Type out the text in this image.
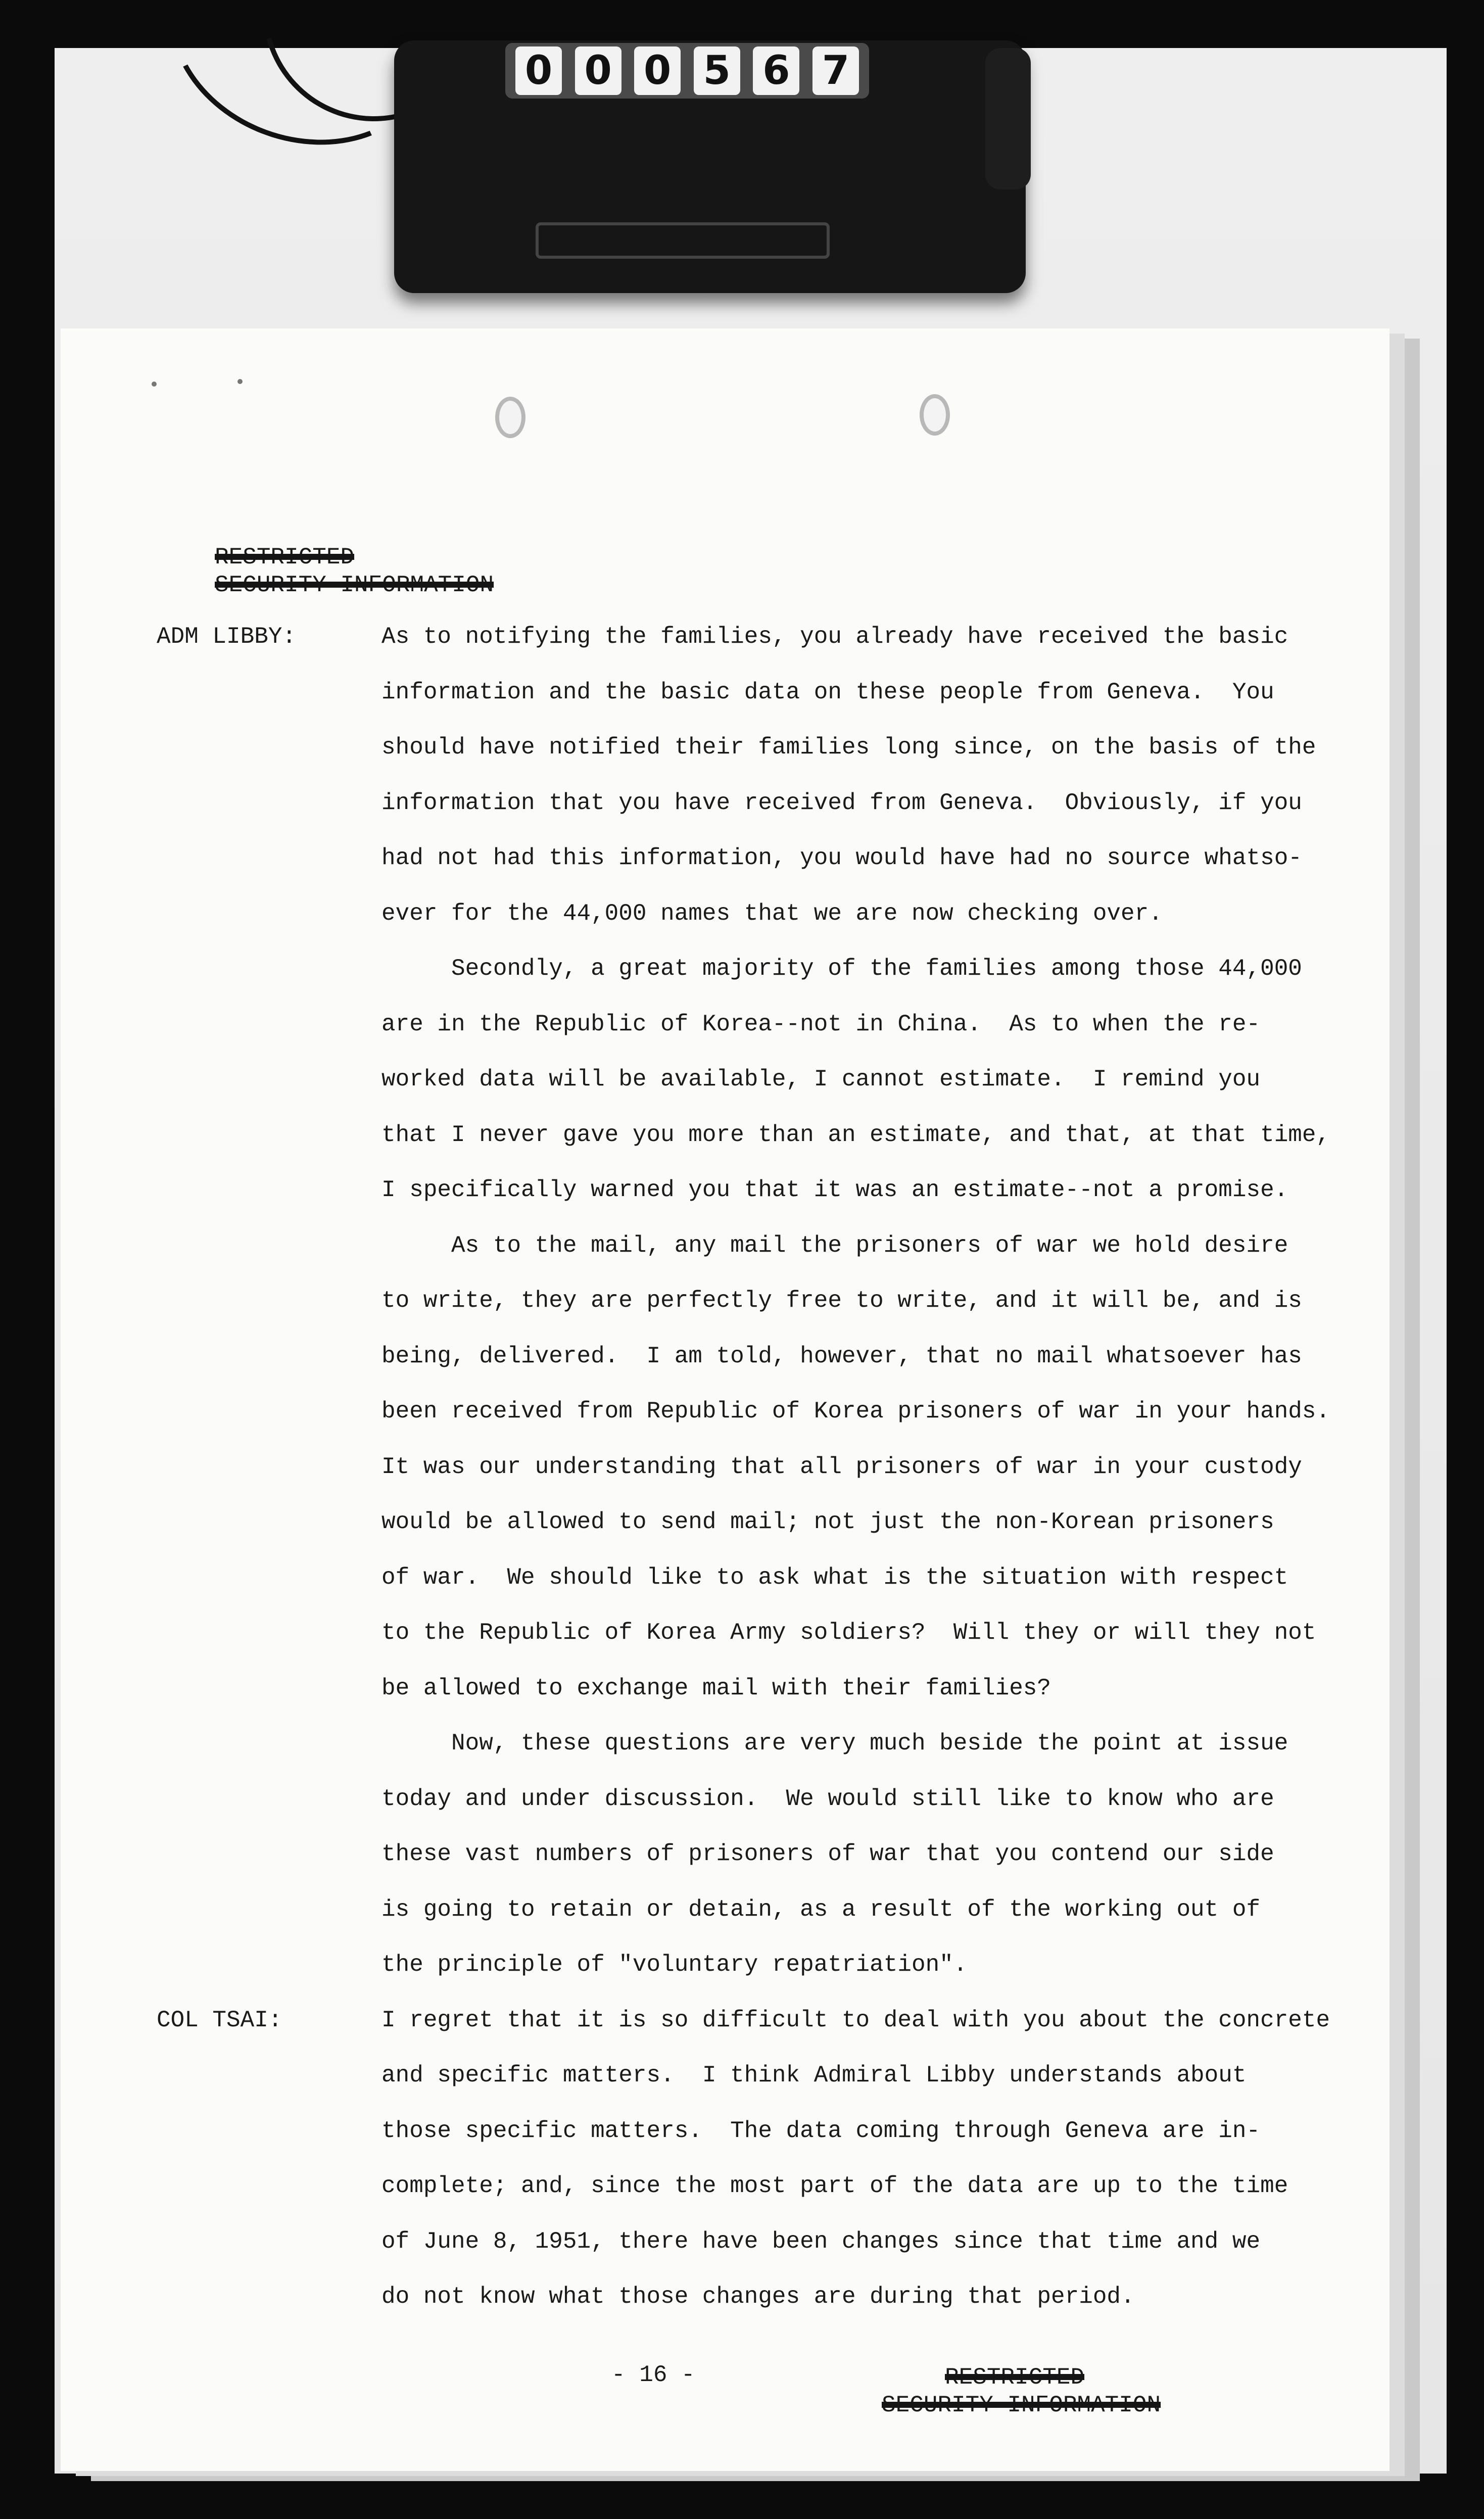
0 0 0 5 6 7
RESTRICTED
SECURITY INFORMATION
ADM LIBBY:	As to notifying the families, you already have received the basic
information and the basic data on these people from Geneva.  You
should have notified their families long since, on the basis of the
information that you have received from Geneva.  Obviously, if you
had not had this information, you would have had no source whatso-
ever for the 44,000 names that we are now checking over.
Secondly, a great majority of the families among those 44,000
are in the Republic of Korea--not in China.  As to when the re-
worked data will be available, I cannot estimate.  I remind you
that I never gave you more than an estimate, and that, at that time,
I specifically warned you that it was an estimate--not a promise.
As to the mail, any mail the prisoners of war we hold desire
to write, they are perfectly free to write, and it will be, and is
being, delivered.  I am told, however, that no mail whatsoever has
been received from Republic of Korea prisoners of war in your hands.
It was our understanding that all prisoners of war in your custody
would be allowed to send mail; not just the non-Korean prisoners
of war.  We should like to ask what is the situation with respect
to the Republic of Korea Army soldiers?  Will they or will they not
be allowed to exchange mail with their families?
Now, these questions are very much beside the point at issue
today and under discussion.  We would still like to know who are
these vast numbers of prisoners of war that you contend our side
is going to retain or detain, as a result of the working out of
the principle of "voluntary repatriation".
COL TSAI:	I regret that it is so difficult to deal with you about the concrete
and specific matters.  I think Admiral Libby understands about
those specific matters.  The data coming through Geneva are in-
complete; and, since the most part of the data are up to the time
of June 8, 1951, there have been changes since that time and we
do not know what those changes are during that period.
- 16 -	RESTRICTED
SECURITY INFORMATION
